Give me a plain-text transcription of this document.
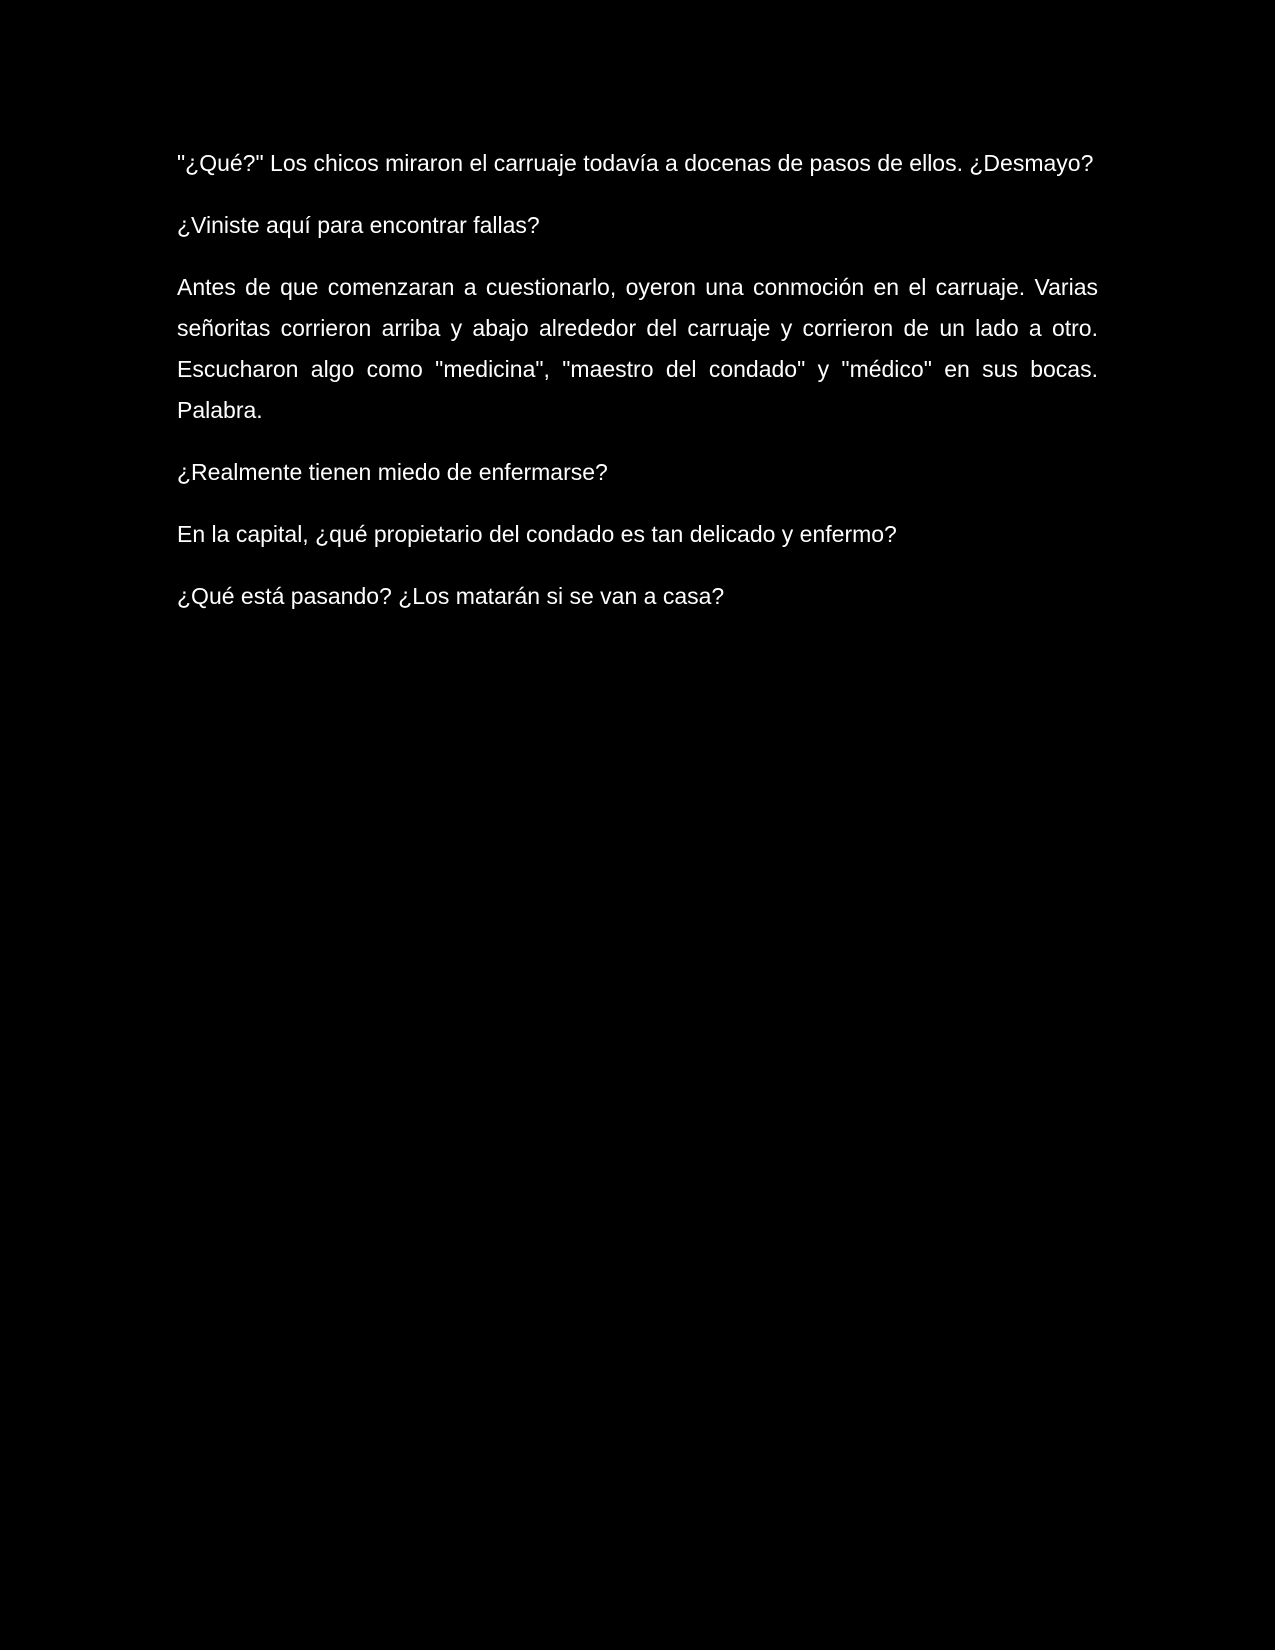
"¿Qué?" Los chicos miraron el carruaje todavía a docenas de pasos de ellos. ¿Desmayo?

¿Viniste aquí para encontrar fallas?

Antes de que comenzaran a cuestionarlo, oyeron una conmoción en el carruaje. Varias señoritas corrieron arriba y abajo alrededor del carruaje y corrieron de un lado a otro. Escucharon algo como "medicina", "maestro del condado" y "médico" en sus bocas. Palabra.

¿Realmente tienen miedo de enfermarse?

En la capital, ¿qué propietario del condado es tan delicado y enfermo?

¿Qué está pasando? ¿Los matarán si se van a casa?
